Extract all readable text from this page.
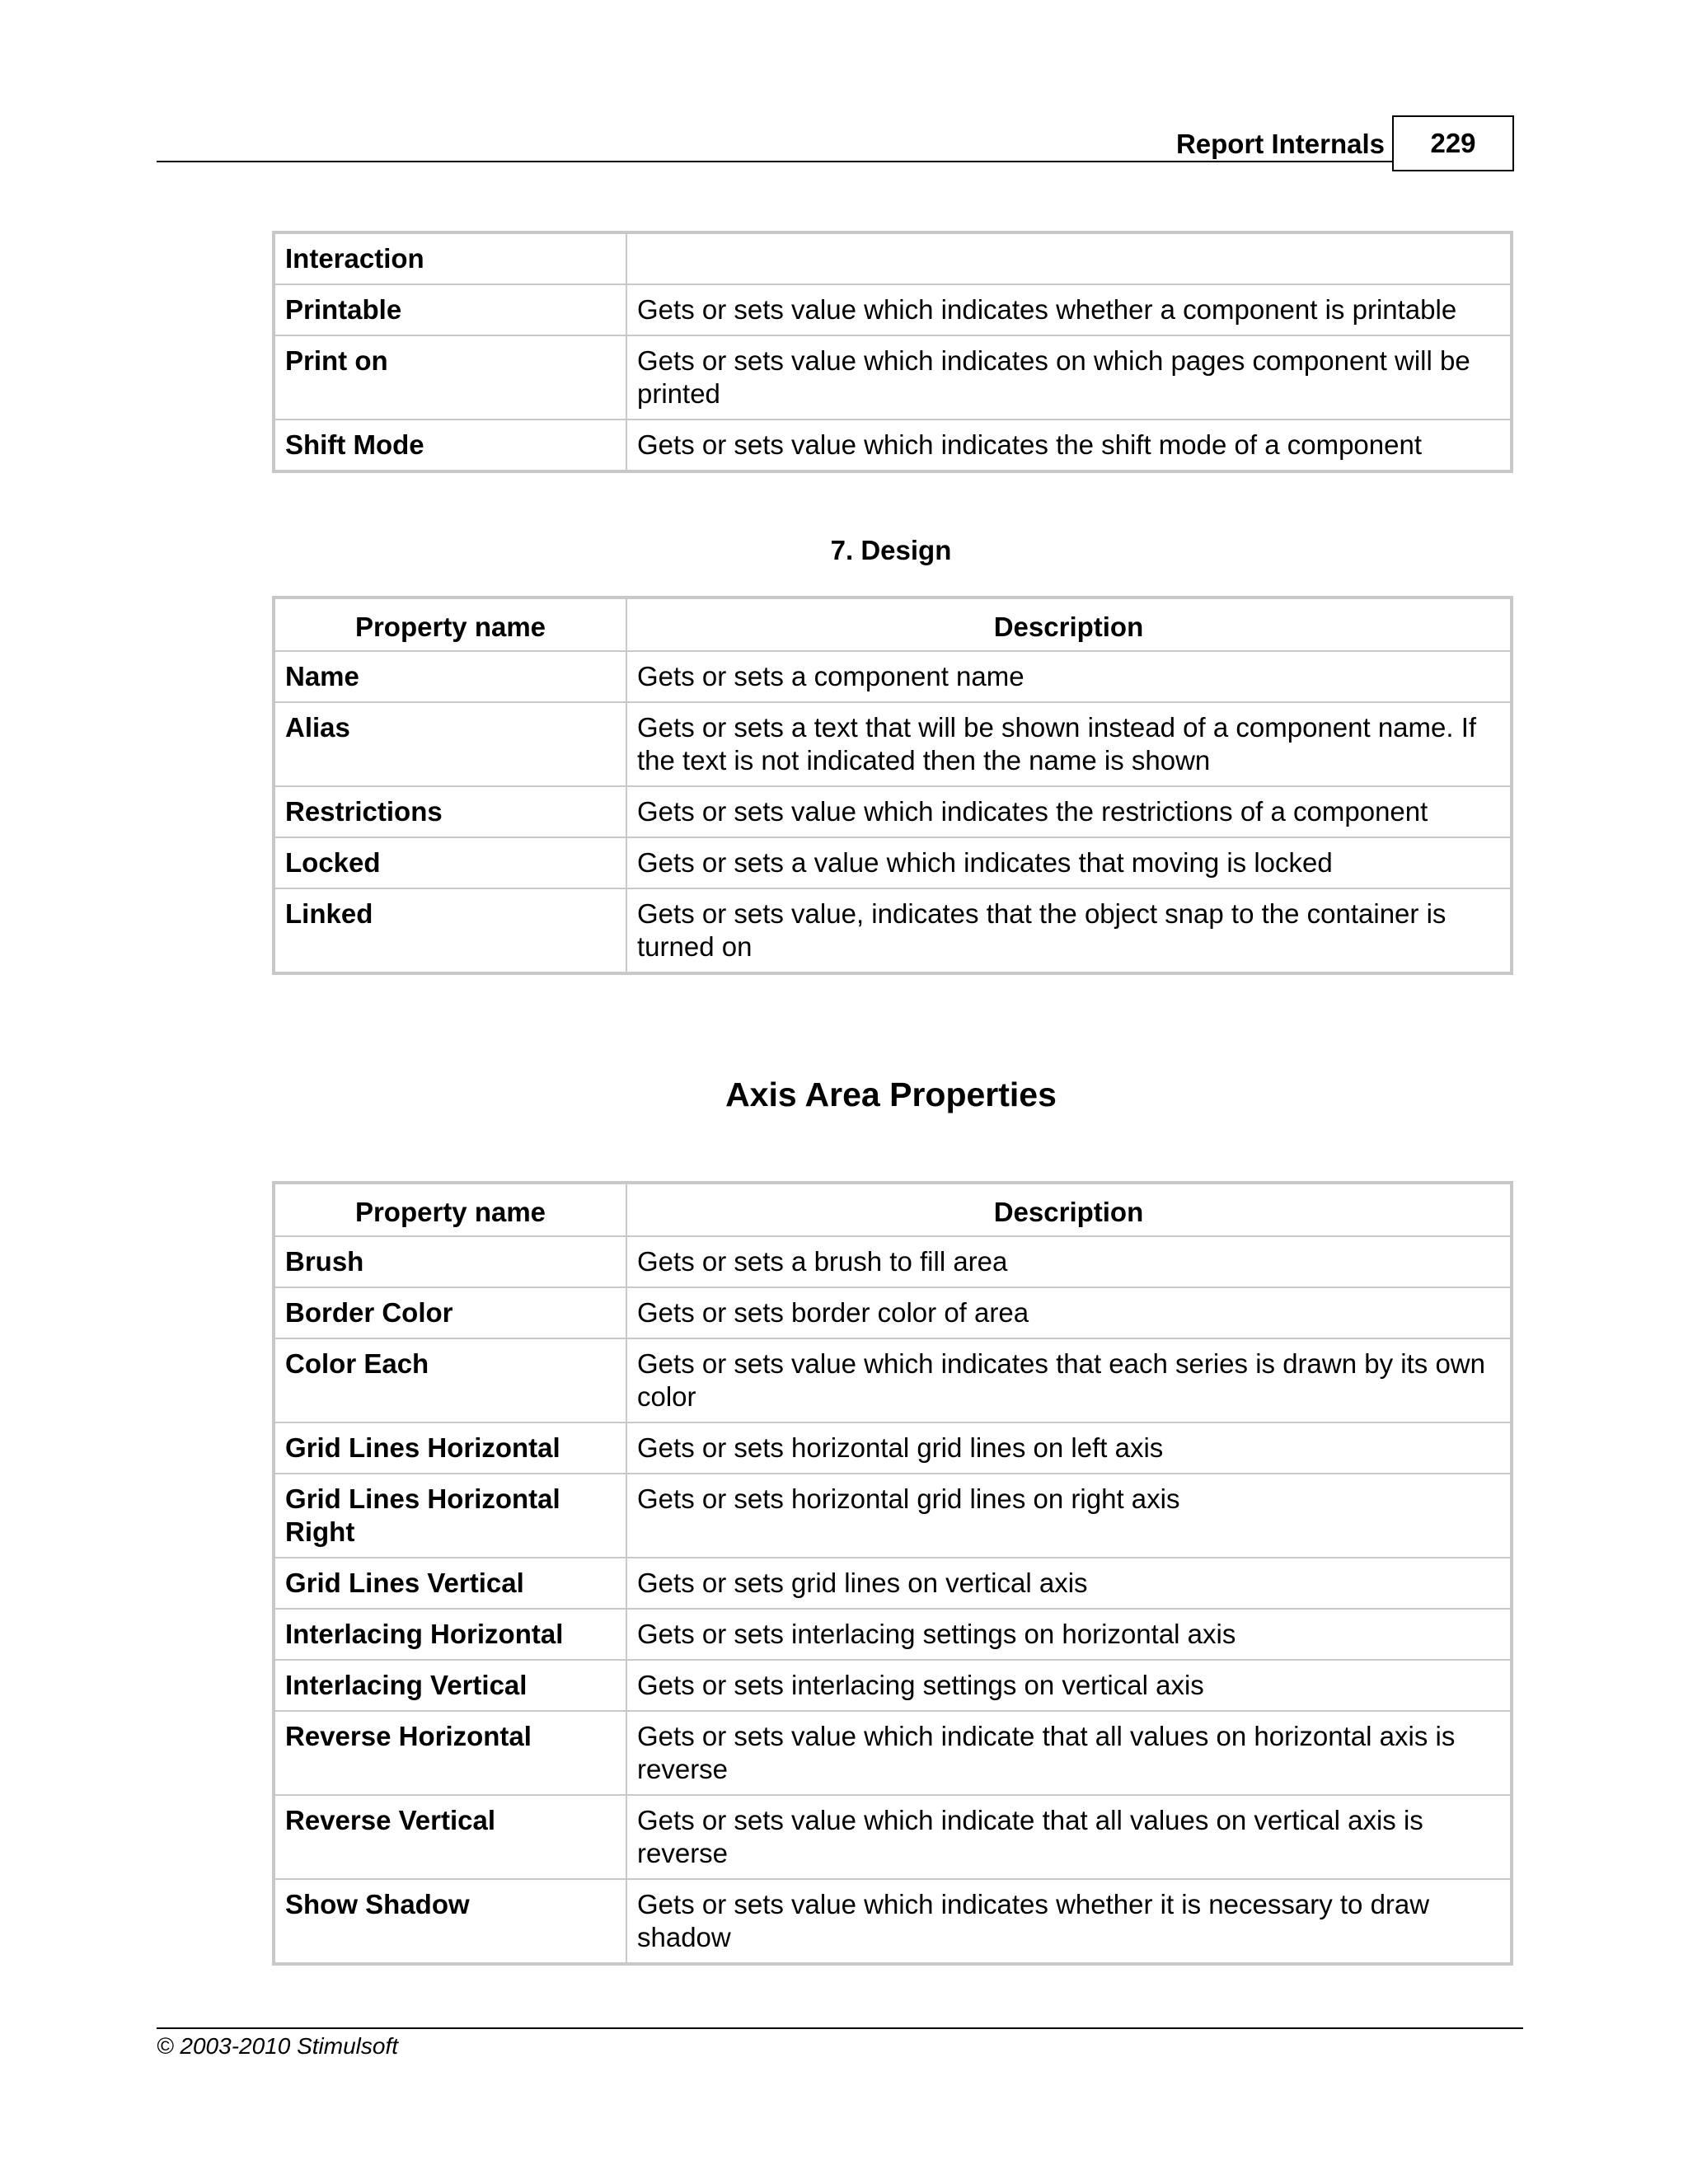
Report Internals	229
Interaction	
Printable	Gets or sets value which indicates whether a component is printable
Print on	Gets or sets value which indicates on which pages component will be printed
Shift Mode	Gets or sets value which indicates the shift mode of a component
7. Design
Property name	Description
Name	Gets or sets a component name
Alias	Gets or sets a text that will be shown instead of a component name. If the text is not indicated then the name is shown
Restrictions	Gets or sets value which indicates the restrictions of a component
Locked	Gets or sets a value which indicates that moving is locked
Linked	Gets or sets value, indicates that the object snap to the container is turned on
Axis Area Properties
Property name	Description
Brush	Gets or sets a brush to fill area
Border Color	Gets or sets border color of area
Color Each	Gets or sets value which indicates that each series is drawn by its own color
Grid Lines Horizontal	Gets or sets horizontal grid lines on left axis
Grid Lines Horizontal Right	Gets or sets horizontal grid lines on right axis
Grid Lines Vertical	Gets or sets grid lines on vertical axis
Interlacing Horizontal	Gets or sets interlacing settings on horizontal axis
Interlacing Vertical	Gets or sets interlacing settings on vertical axis
Reverse Horizontal	Gets or sets value which indicate that all values on horizontal axis is reverse
Reverse Vertical	Gets or sets value which indicate that all values on vertical axis is reverse
Show Shadow	Gets or sets value which indicates whether it is necessary to draw shadow
© 2003-2010 Stimulsoft
